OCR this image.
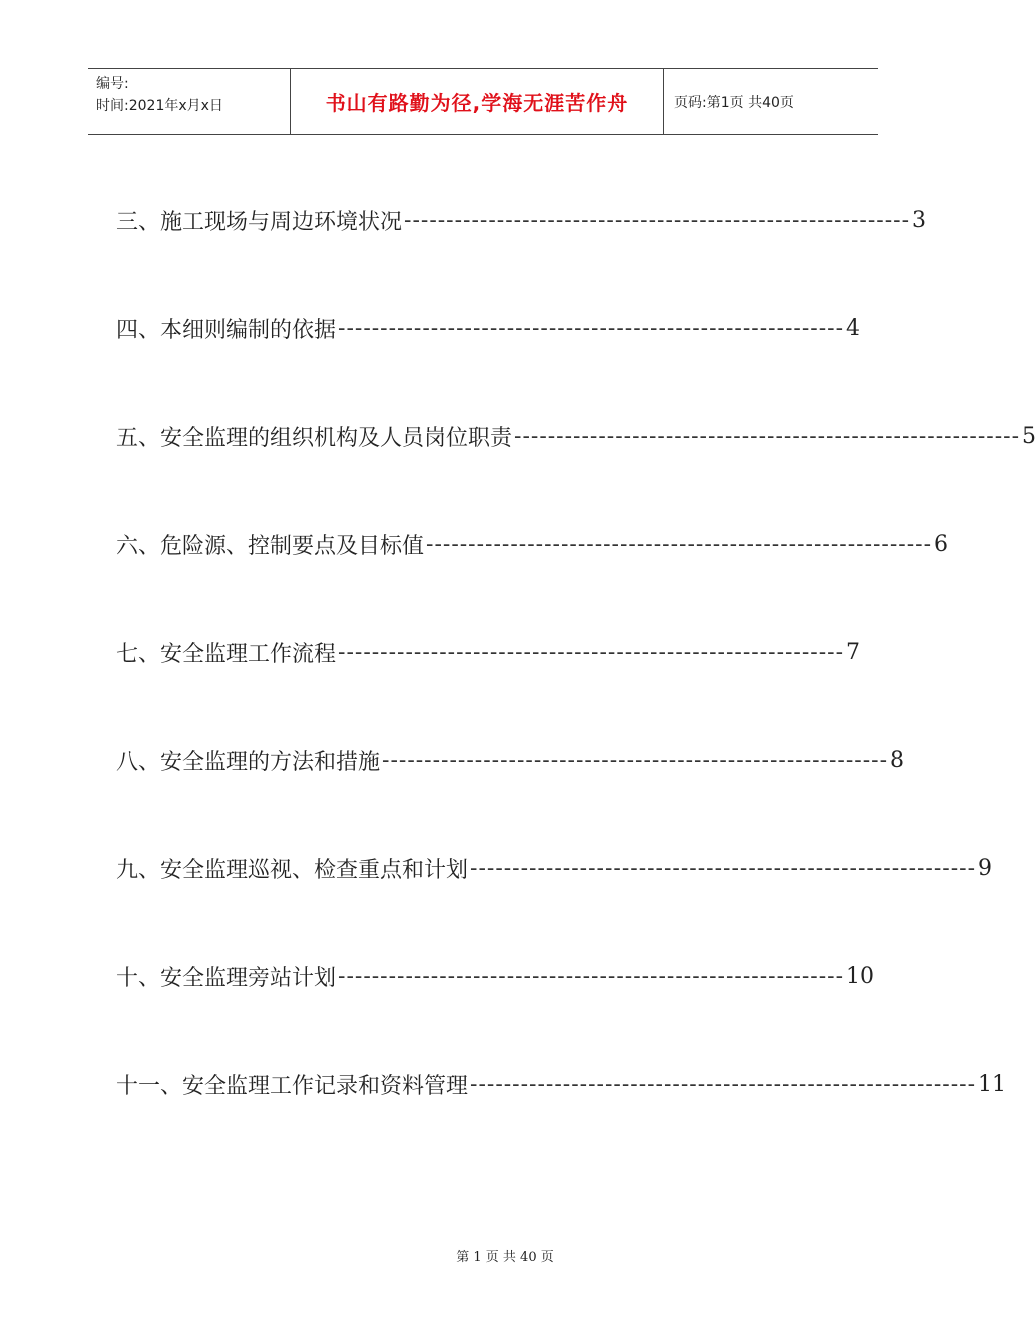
编号:
时间:2021年x月x日	书山有路勤为径,学海无涯苦作舟	页码:第1页 共40页
三、施工现场与周边环境状况 ------------------------------------------------------------ 3
四、本细则编制的依据 ------------------------------------------------------------ 4
五、安全监理的组织机构及人员岗位职责 ------------------------------------------------------------ 5
六、危险源、控制要点及目标值 ------------------------------------------------------------ 6
七、安全监理工作流程 ------------------------------------------------------------ 7
八、安全监理的方法和措施 ------------------------------------------------------------ 8
九、安全监理巡视、检查重点和计划 ------------------------------------------------------------ 9
十、安全监理旁站计划 ------------------------------------------------------------ 10
十一、安全监理工作记录和资料管理 ------------------------------------------------------------ 11
第 1 页 共 40 页
